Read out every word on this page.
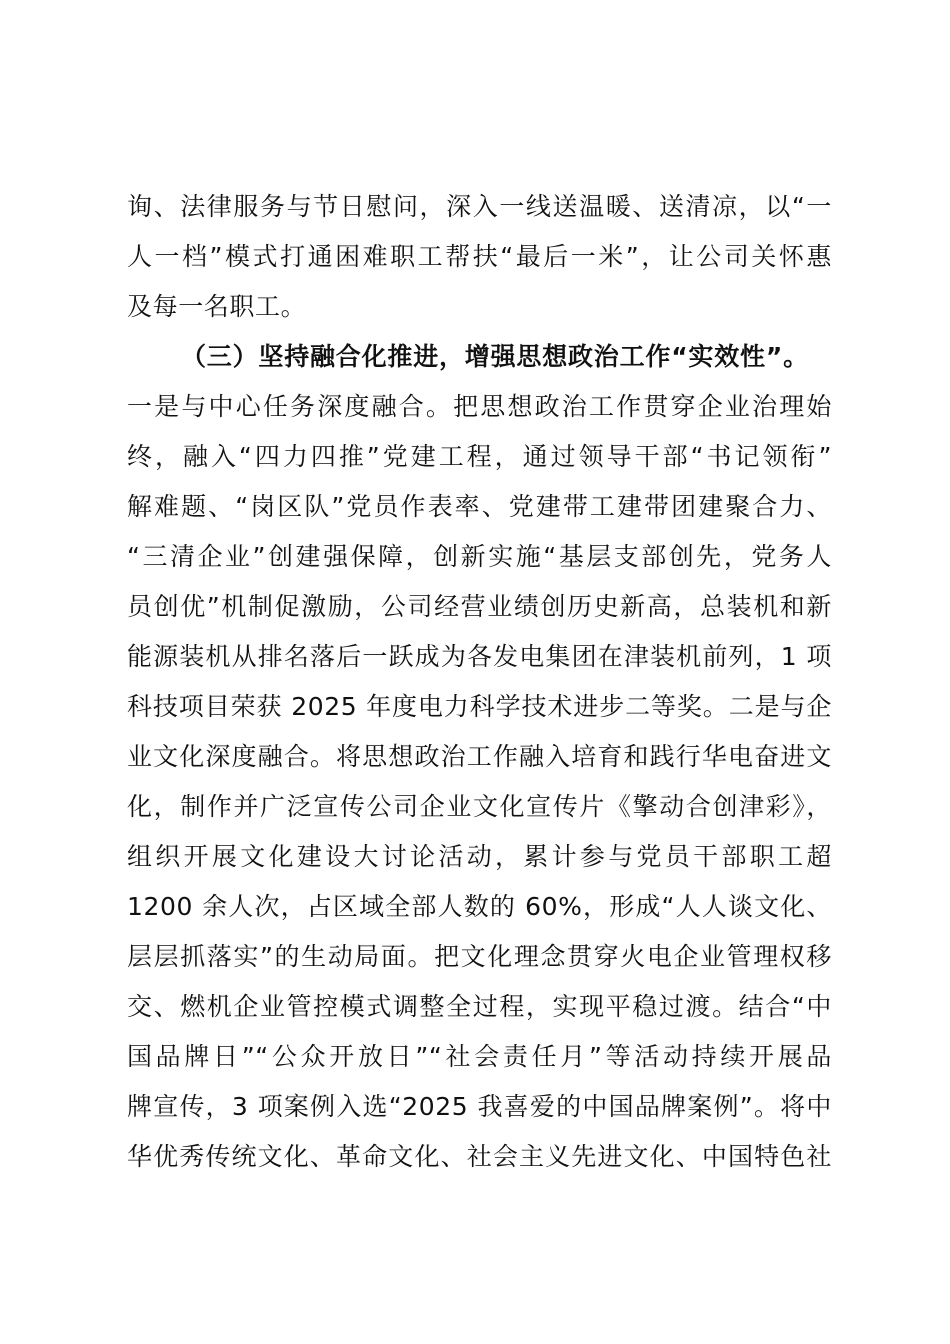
询、法律服务与节日慰问，深入一线送温暖、送清凉，以“一
人一档”模式打通困难职工帮扶“最后一米”，让公司关怀惠
及每一名职工。
（三）坚持融合化推进，增强思想政治工作“实效性”。
一是与中心任务深度融合。把思想政治工作贯穿企业治理始
终，融入“四力四推”党建工程，通过领导干部“书记领衔”
解难题、“岗区队”党员作表率、党建带工建带团建聚合力、
“三清企业”创建强保障，创新实施“基层支部创先，党务人
员创优”机制促激励，公司经营业绩创历史新高，总装机和新
能源装机从排名落后一跃成为各发电集团在津装机前列，1 项
科技项目荣获 2025 年度电力科学技术进步二等奖。二是与企
业文化深度融合。将思想政治工作融入培育和践行华电奋进文
化，制作并广泛宣传公司企业文化宣传片《擎动合创津彩》，
组织开展文化建设大讨论活动，累计参与党员干部职工超
1200 余人次，占区域全部人数的 60%，形成“人人谈文化、
层层抓落实”的生动局面。把文化理念贯穿火电企业管理权移
交、燃机企业管控模式调整全过程，实现平稳过渡。结合“中
国品牌日”“公众开放日”“社会责任月”等活动持续开展品
牌宣传，3 项案例入选“2025 我喜爱的中国品牌案例”。将中
华优秀传统文化、革命文化、社会主义先进文化、中国特色社
